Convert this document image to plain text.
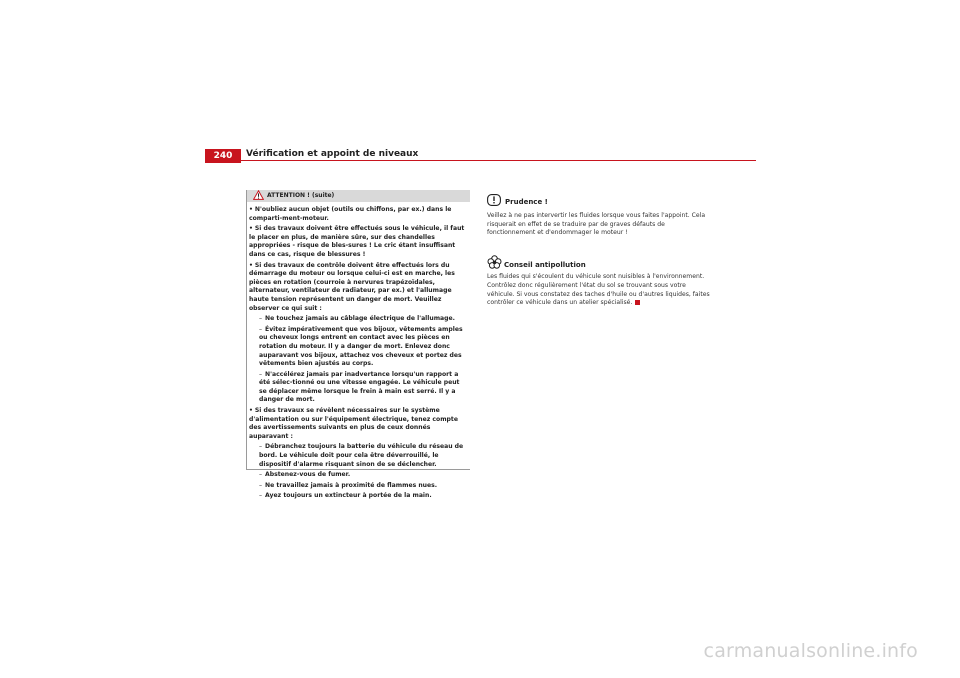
240	Vérification et appoint de niveaux
ATTENTION ! (suite)

• N'oubliez aucun objet (outils ou chiffons, par ex.) dans le comparti-ment-moteur.

• Si des travaux doivent être effectués sous le véhicule, il faut le placer en plus, de manière sûre, sur des chandelles appropriées - risque de bles-sures ! Le cric étant insuffisant dans ce cas, risque de blessures !

• Si des travaux de contrôle doivent être effectués lors du démarrage du moteur ou lorsque celui-ci est en marche, les pièces en rotation (courroie à nervures trapézoïdales, alternateur, ventilateur de radiateur, par ex.) et l'allumage haute tension représentent un danger de mort. Veuillez observer ce qui suit :

– Ne touchez jamais au câblage électrique de l'allumage.

– Évitez impérativement que vos bijoux, vêtements amples ou cheveux longs entrent en contact avec les pièces en rotation du moteur. Il y a danger de mort. Enlevez donc auparavant vos bijoux, attachez vos cheveux et portez des vêtements bien ajustés au corps.

– N'accélérez jamais par inadvertance lorsqu'un rapport a été sélec-tionné ou une vitesse engagée. Le véhicule peut se déplacer même lorsque le frein à main est serré. Il y a danger de mort.

• Si des travaux se révèlent nécessaires sur le système d'alimentation ou sur l'équipement électrique, tenez compte des avertissements suivants en plus de ceux donnés auparavant :

– Débranchez toujours la batterie du véhicule du réseau de bord. Le véhicule doit pour cela être déverrouillé, le dispositif d'alarme risquant sinon de se déclencher.

– Abstenez-vous de fumer.

– Ne travaillez jamais à proximité de flammes nues.

– Ayez toujours un extincteur à portée de la main.

Prudence !

Veillez à ne pas intervertir les fluides lorsque vous faites l'appoint. Cela risquerait en effet de se traduire par de graves défauts de fonctionnement et d'endommager le moteur !

Conseil antipollution

Les fluides qui s'écoulent du véhicule sont nuisibles à l'environnement. Contrôlez donc régulièrement l'état du sol se trouvant sous votre véhicule. Si vous constatez des taches d'huile ou d'autres liquides, faites contrôler ce véhicule dans un atelier spécialisé.

carmanualsonline.info
